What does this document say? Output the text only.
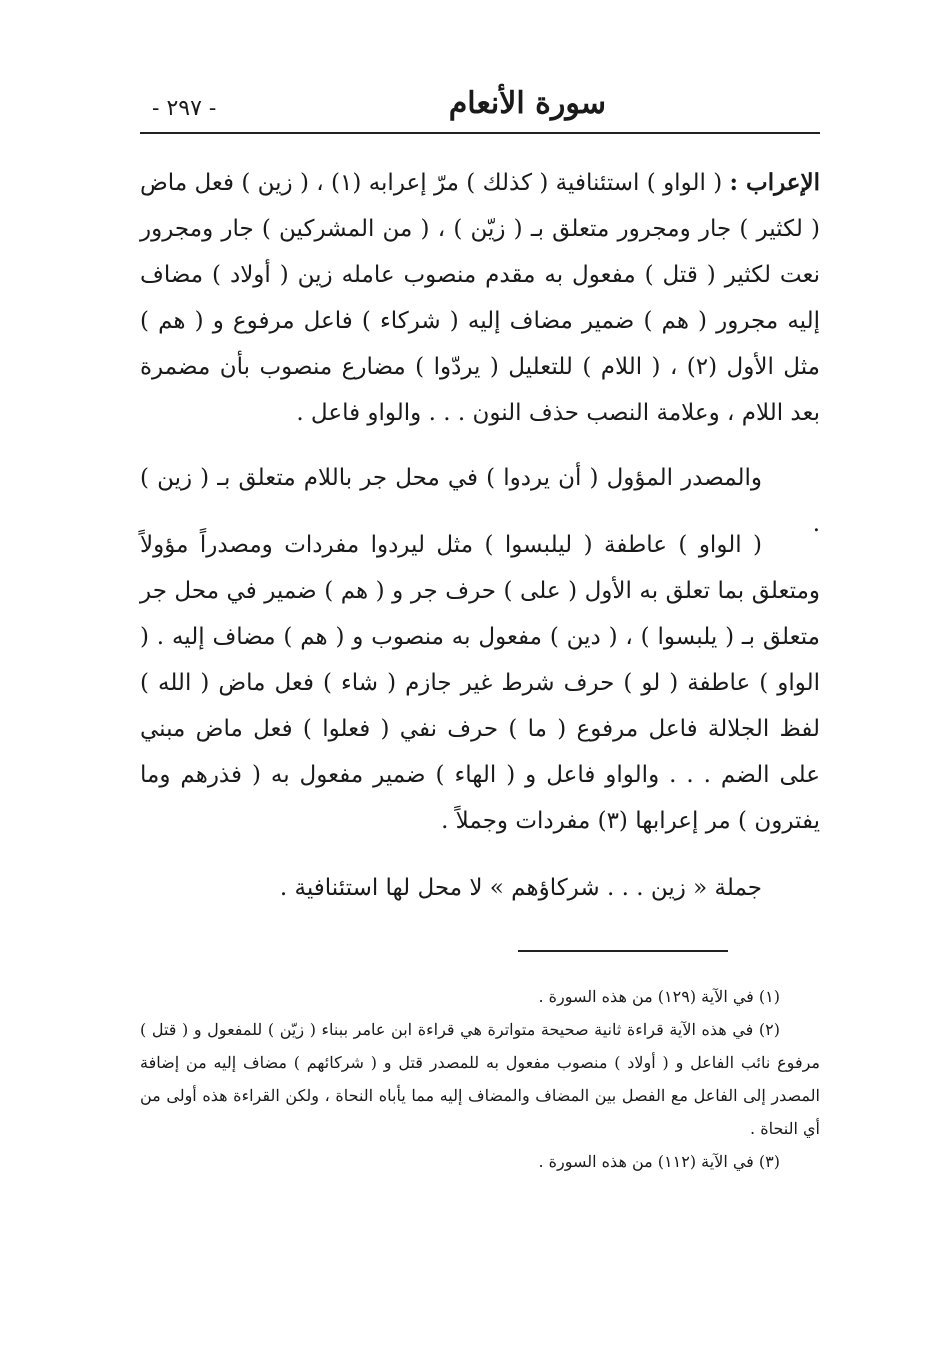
- ٢٩٧ -	سورة الأنعام
الإعراب : ( الواو ) استئنافية ( كذلك ) مرّ إعرابه (١) ، ( زين ) فعل ماض ( لكثير ) جار ومجرور متعلق بـ ( زيّن ) ، ( من المشركين ) جار ومجرور نعت لكثير ( قتل ) مفعول به مقدم منصوب عامله زين ( أولاد ) مضاف إليه مجرور ( هم ) ضمير مضاف إليه ( شركاء ) فاعل مرفوع و ( هم ) مثل الأول (٢) ، ( اللام ) للتعليل ( يردّوا ) مضارع منصوب بأن مضمرة بعد اللام ، وعلامة النصب حذف النون . . . والواو فاعل .
والمصدر المؤول ( أن يردوا ) في محل جر باللام متعلق بـ ( زين ) .
( الواو ) عاطفة ( ليلبسوا ) مثل ليردوا مفردات ومصدراً مؤولاً ومتعلق بما تعلق به الأول ( على ) حرف جر و ( هم ) ضمير في محل جر متعلق بـ ( يلبسوا ) ، ( دين ) مفعول به منصوب و ( هم ) مضاف إليه . ( الواو ) عاطفة ( لو ) حرف شرط غير جازم ( شاء ) فعل ماض ( الله ) لفظ الجلالة فاعل مرفوع ( ما ) حرف نفي ( فعلوا ) فعل ماض مبني على الضم . . . والواو فاعل و ( الهاء ) ضمير مفعول به ( فذرهم وما يفترون ) مر إعرابها (٣) مفردات وجملاً .
جملة « زين . . . شركاؤهم » لا محل لها استئنافية .
(١) في الآية (١٢٩) من هذه السورة .
(٢) في هذه الآية قراءة ثانية صحيحة متواترة هي قراءة ابن عامر ببناء ( زيّن ) للمفعول و ( قتل ) مرفوع نائب الفاعل و ( أولاد ) منصوب مفعول به للمصدر قتل و ( شركائهم ) مضاف إليه من إضافة المصدر إلى الفاعل مع الفصل بين المضاف والمضاف إليه مما يأباه النحاة ، ولكن القراءة هذه أولى من أي النحاة .
(٣) في الآية (١١٢) من هذه السورة .
